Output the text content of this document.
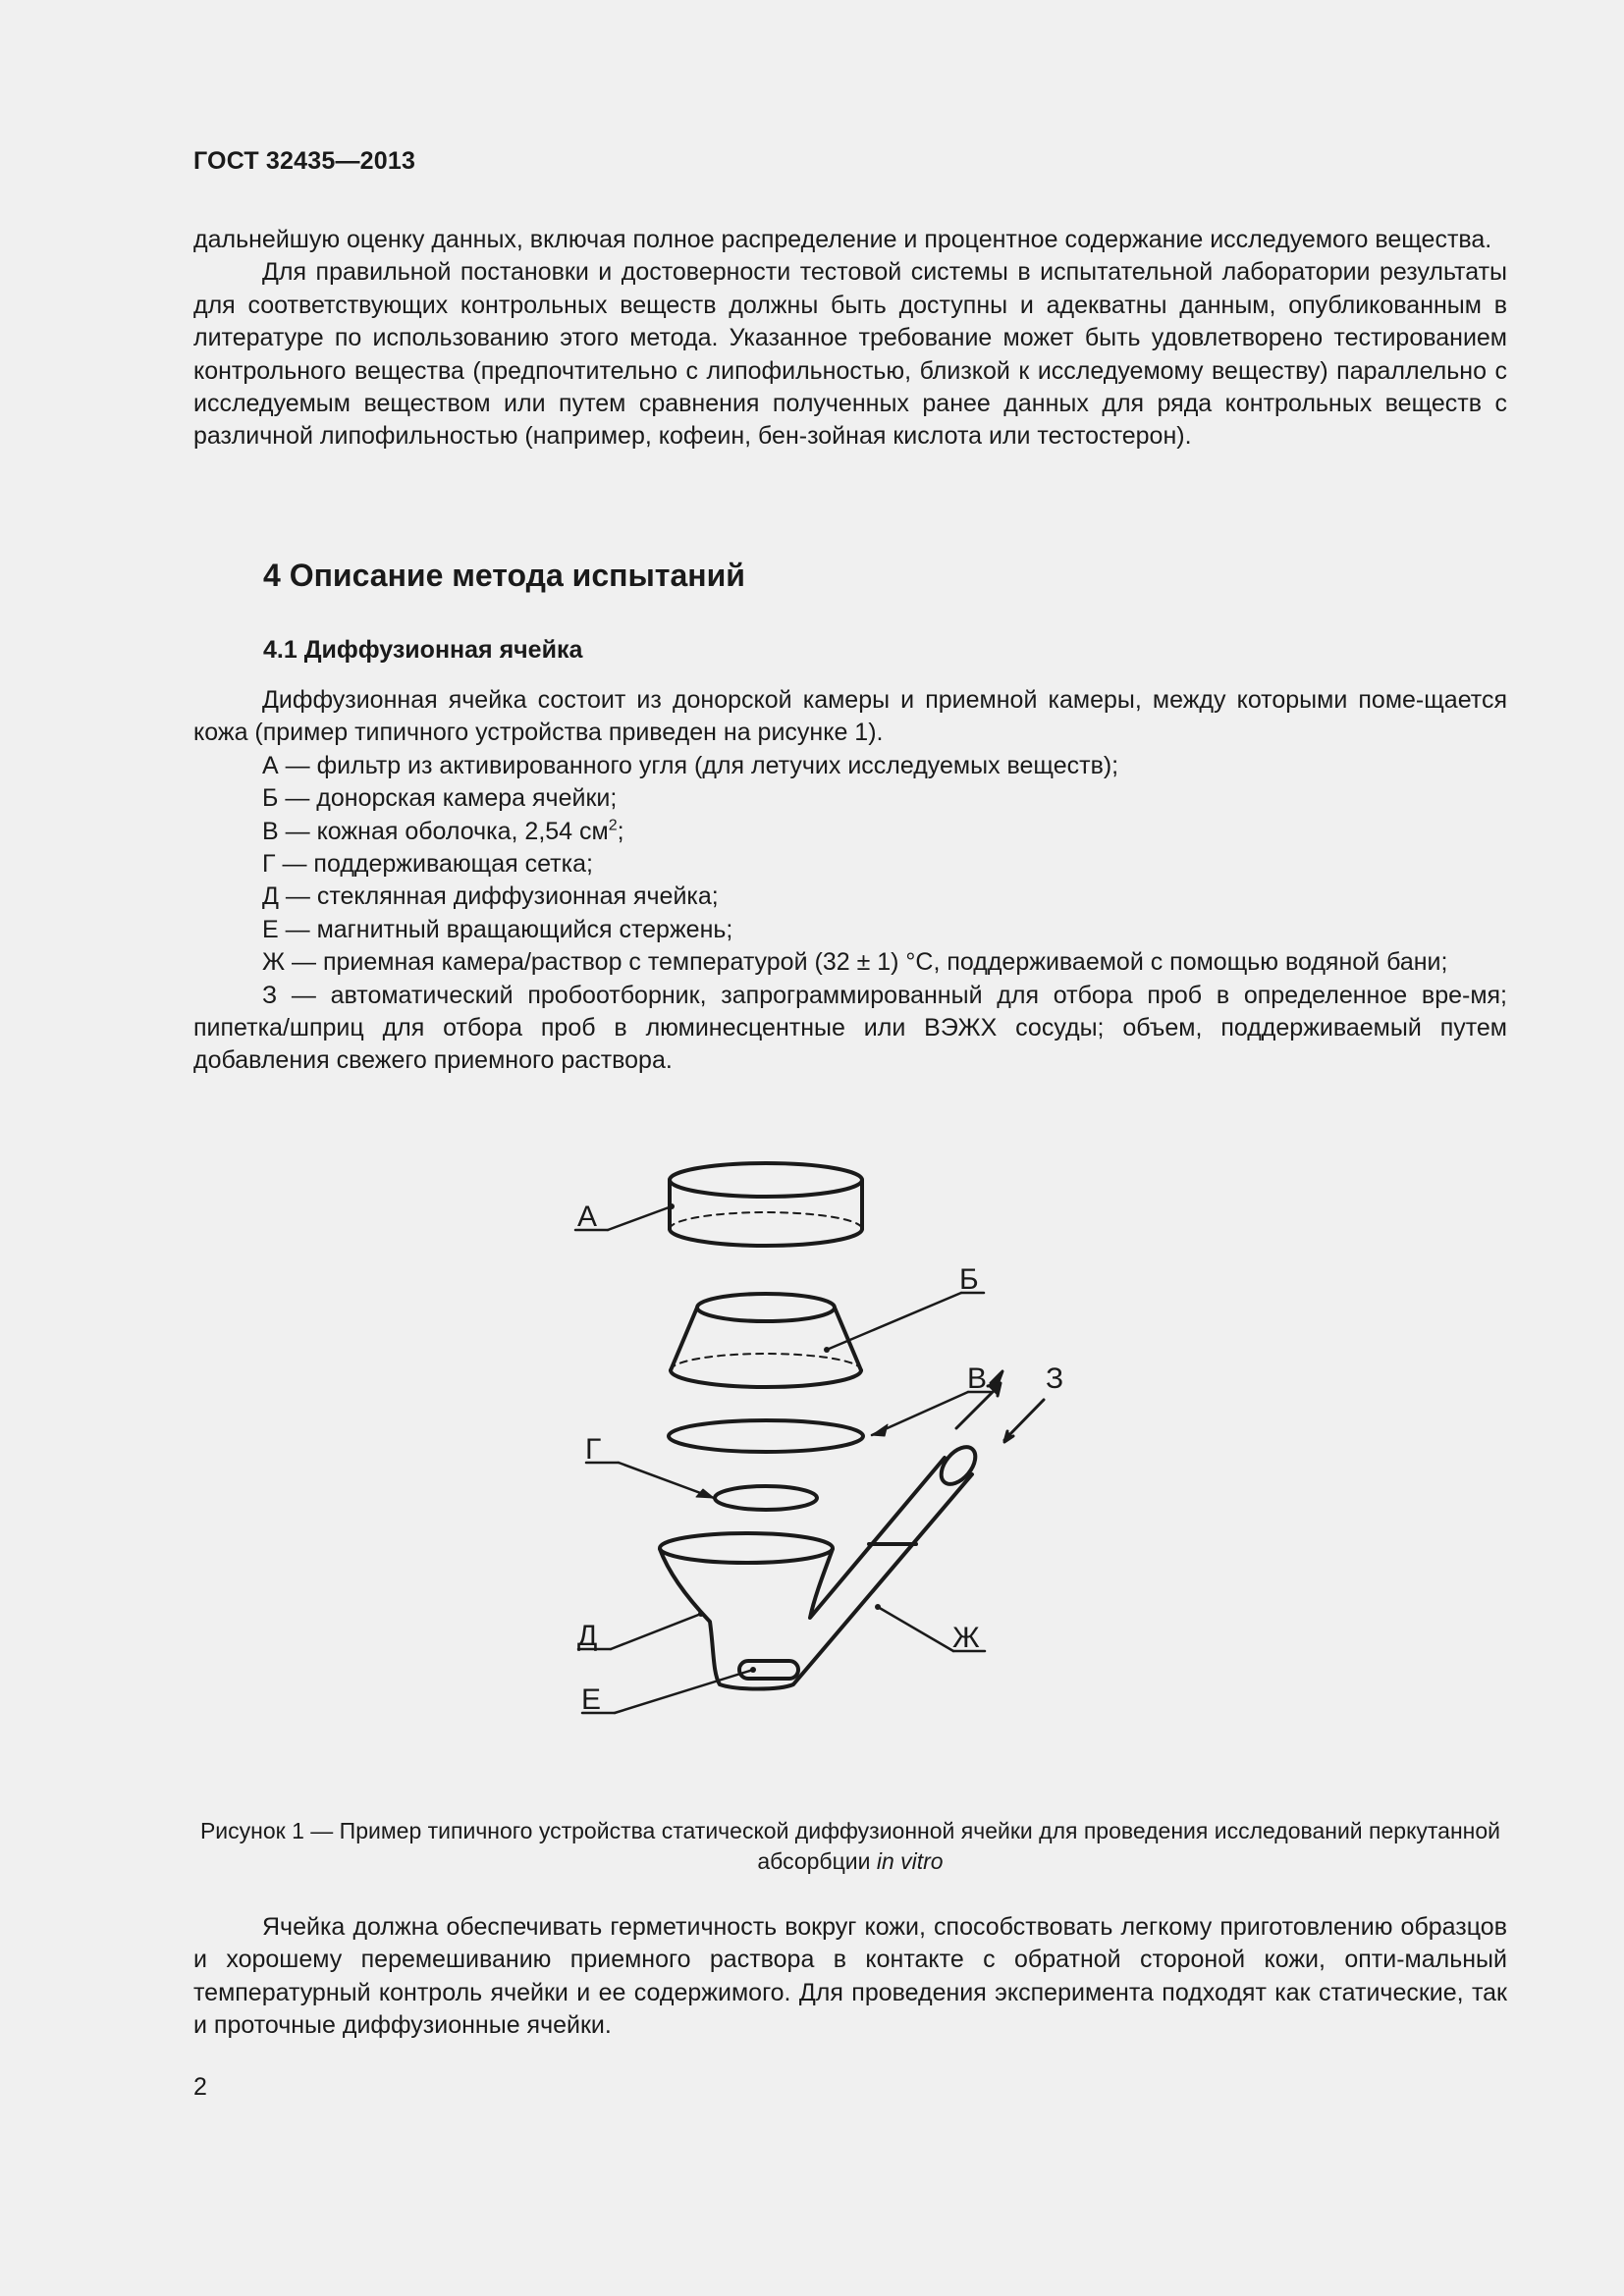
ГОСТ 32435—2013

дальнейшую оценку данных, включая полное распределение и процентное содержание исследуемого вещества.

Для правильной постановки и достоверности тестовой системы в испытательной лаборатории результаты для соответствующих контрольных веществ должны быть доступны и адекватны данным, опубликованным в литературе по использованию этого метода. Указанное требование может быть удовлетворено тестированием контрольного вещества (предпочтительно с липофильностью, близкой к исследуемому веществу) параллельно с исследуемым веществом или путем сравнения полученных ранее данных для ряда контрольных веществ с различной липофильностью (например, кофеин, бен-зойная кислота или тестостерон).

4 Описание метода испытаний
4.1 Диффузионная ячейка

Диффузионная ячейка состоит из донорской камеры и приемной камеры, между которыми поме-щается кожа (пример типичного устройства приведен на рисунке 1).

А — фильтр из активированного угля (для летучих исследуемых веществ);

Б — донорская камера ячейки;

В — кожная оболочка, 2,54 $см^2$;

Г — поддерживающая сетка;

Д — стеклянная диффузионная ячейка;

Е — магнитный вращающийся стержень;

Ж — приемная камера/раствор с температурой (32 ± 1) °С, поддерживаемой с помощью водяной бани;

З — автоматический пробоотборник, запрограммированный для отбора проб в определенное вре-мя; пипетка/шприц для отбора проб в люминесцентные или ВЭЖХ сосуды; объем, поддерживаемый путем добавления свежего приемного раствора.

А
Б
В З
Г
Д	Ж
Е
Рисунок 1 — Пример типичного устройства статической диффузионной ячейки для проведения исследований перкутанной абсорбции in vitro

Ячейка должна обеспечивать герметичность вокруг кожи, способствовать легкому приготовлению образцов и хорошему перемешиванию приемного раствора в контакте с обратной стороной кожи, опти-мальный температурный контроль ячейки и ее содержимого. Для проведения эксперимента подходят как статические, так и проточные диффузионные ячейки.

2
